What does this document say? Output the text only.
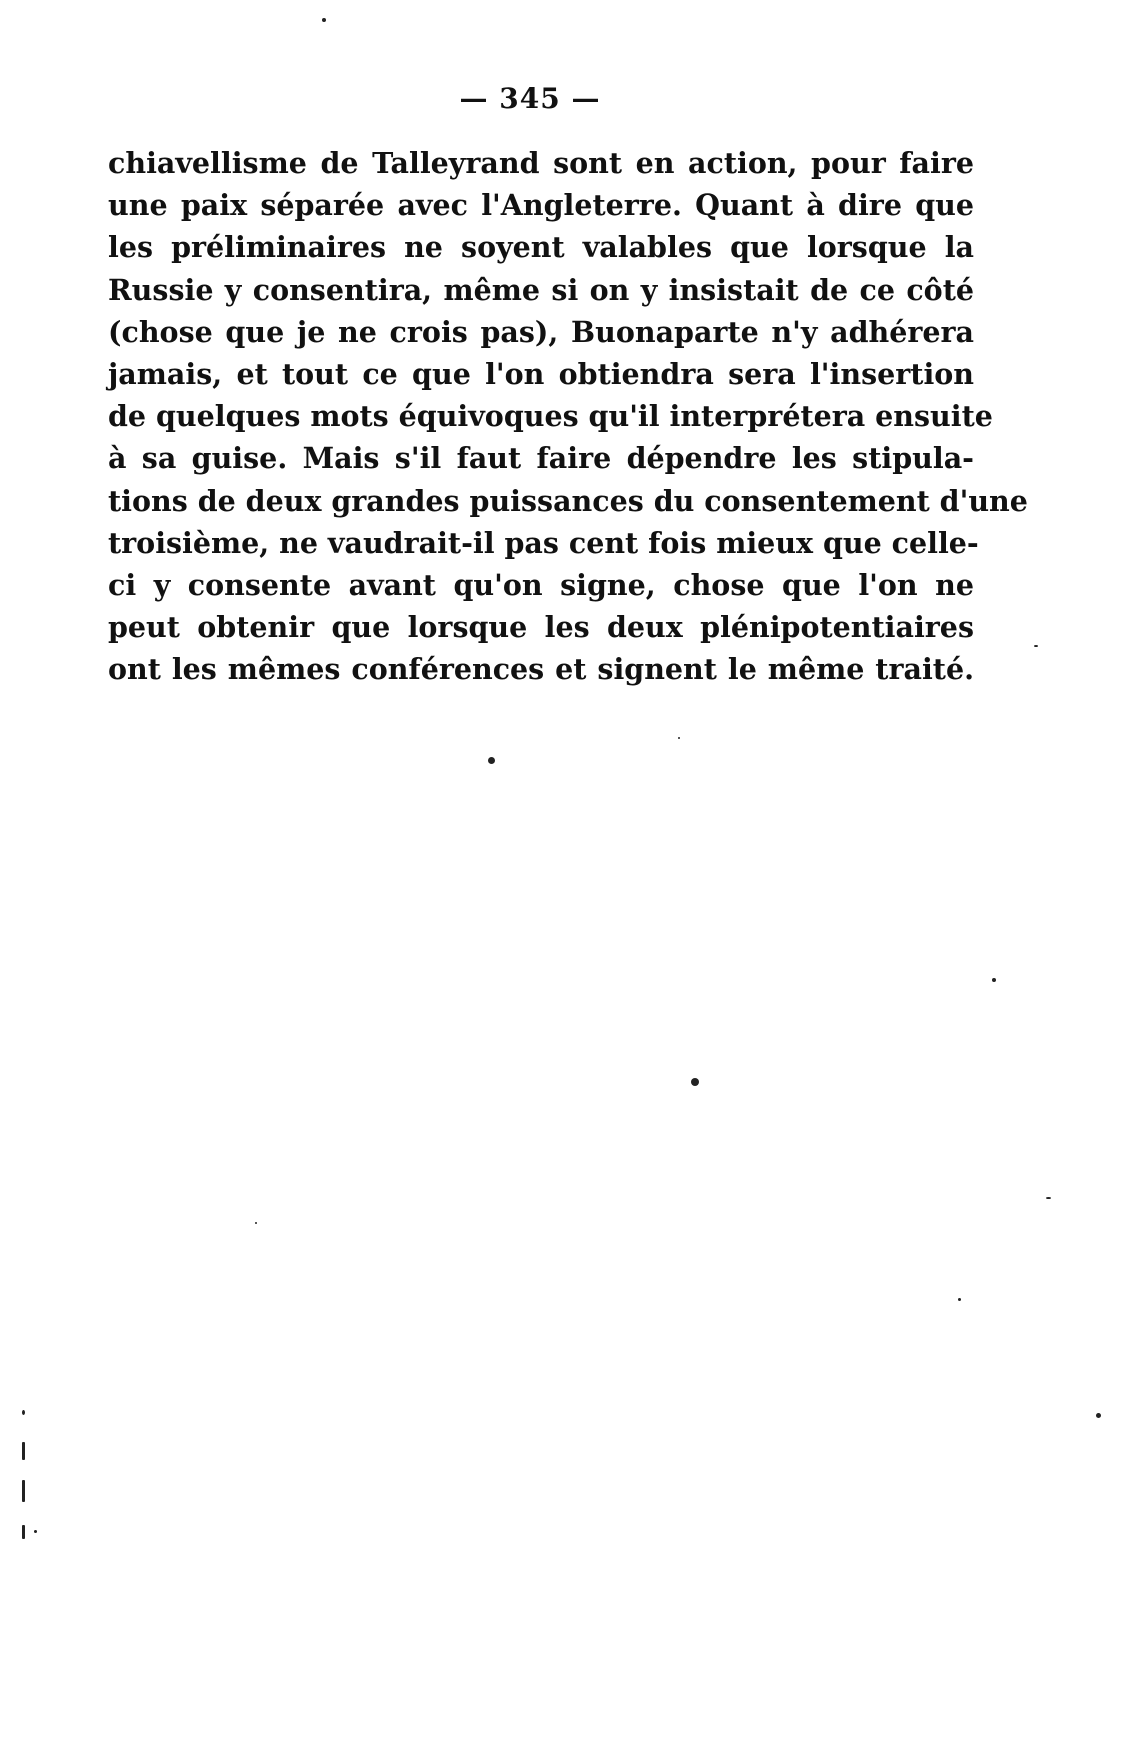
— 345 —
chiavellisme de Talleyrand sont en action, pour faire
une paix séparée avec l'Angleterre. Quant à dire que
les préliminaires ne soyent valables que lorsque la
Russie y consentira, même si on y insistait de ce côté
(chose que je ne crois pas), Buonaparte n'y adhérera
jamais, et tout ce que l'on obtiendra sera l'insertion
de quelques mots équivoques qu'il interprétera ensuite
à sa guise. Mais s'il faut faire dépendre les stipula-
tions de deux grandes puissances du consentement d'une
troisième, ne vaudrait-il pas cent fois mieux que celle-
ci y consente avant qu'on signe, chose que l'on ne
peut obtenir que lorsque les deux plénipotentiaires
ont les mêmes conférences et signent le même traité.
